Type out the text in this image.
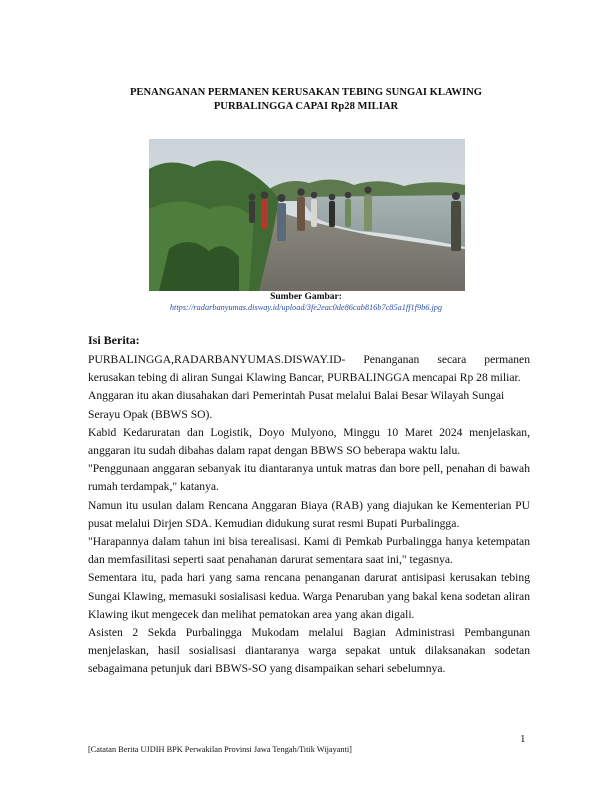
PENANGANAN PERMANEN KERUSAKAN TEBING SUNGAI KLAWING
PURBALINGGA CAPAI Rp28 MILIAR
Sumber Gambar:
https://radarbanyumas.disway.id/upload/3fe2eac0de86cab816b7c85a1ff1f9b6.jpg
Isi Berita:

PURBALINGGA,RADARBANYUMAS.DISWAY.ID- Penanganan secara permanen kerusakan tebing di aliran Sungai Klawing Bancar, PURBALINGGA mencapai Rp 28 miliar.

Anggaran itu akan diusahakan dari Pemerintah Pusat melalui Balai Besar Wilayah Sungai Serayu Opak (BBWS SO).

Kabid Kedaruratan dan Logistik, Doyo Mulyono, Minggu 10 Maret 2024 menjelaskan, anggaran itu sudah dibahas dalam rapat dengan BBWS SO beberapa waktu lalu.

"Penggunaan anggaran sebanyak itu diantaranya untuk matras dan bore pell, penahan di bawah rumah terdampak," katanya.

Namun itu usulan dalam Rencana Anggaran Biaya (RAB) yang diajukan ke Kementerian PU pusat melalui Dirjen SDA. Kemudian didukung surat resmi Bupati Purbalingga.

"Harapannya dalam tahun ini bisa terealisasi. Kami di Pemkab Purbalingga hanya ketempatan dan memfasilitasi seperti saat penahanan darurat sementara saat ini," tegasnya.

Sementara itu, pada hari yang sama rencana penanganan darurat antisipasi kerusakan tebing Sungai Klawing, memasuki sosialisasi kedua. Warga Penaruban yang bakal kena sodetan aliran Klawing ikut mengecek dan melihat pematokan area yang akan digali.

Asisten 2 Sekda Purbalingga Mukodam melalui Bagian Administrasi Pembangunan menjelaskan, hasil sosialisasi diantaranya warga sepakat untuk dilaksanakan sodetan sebagaimana petunjuk dari BBWS-SO yang disampaikan sehari sebelumnya.

1
[Catatan Berita UJDIH BPK Perwakilan Provinsi Jawa Tengah/Titik Wijayanti]
